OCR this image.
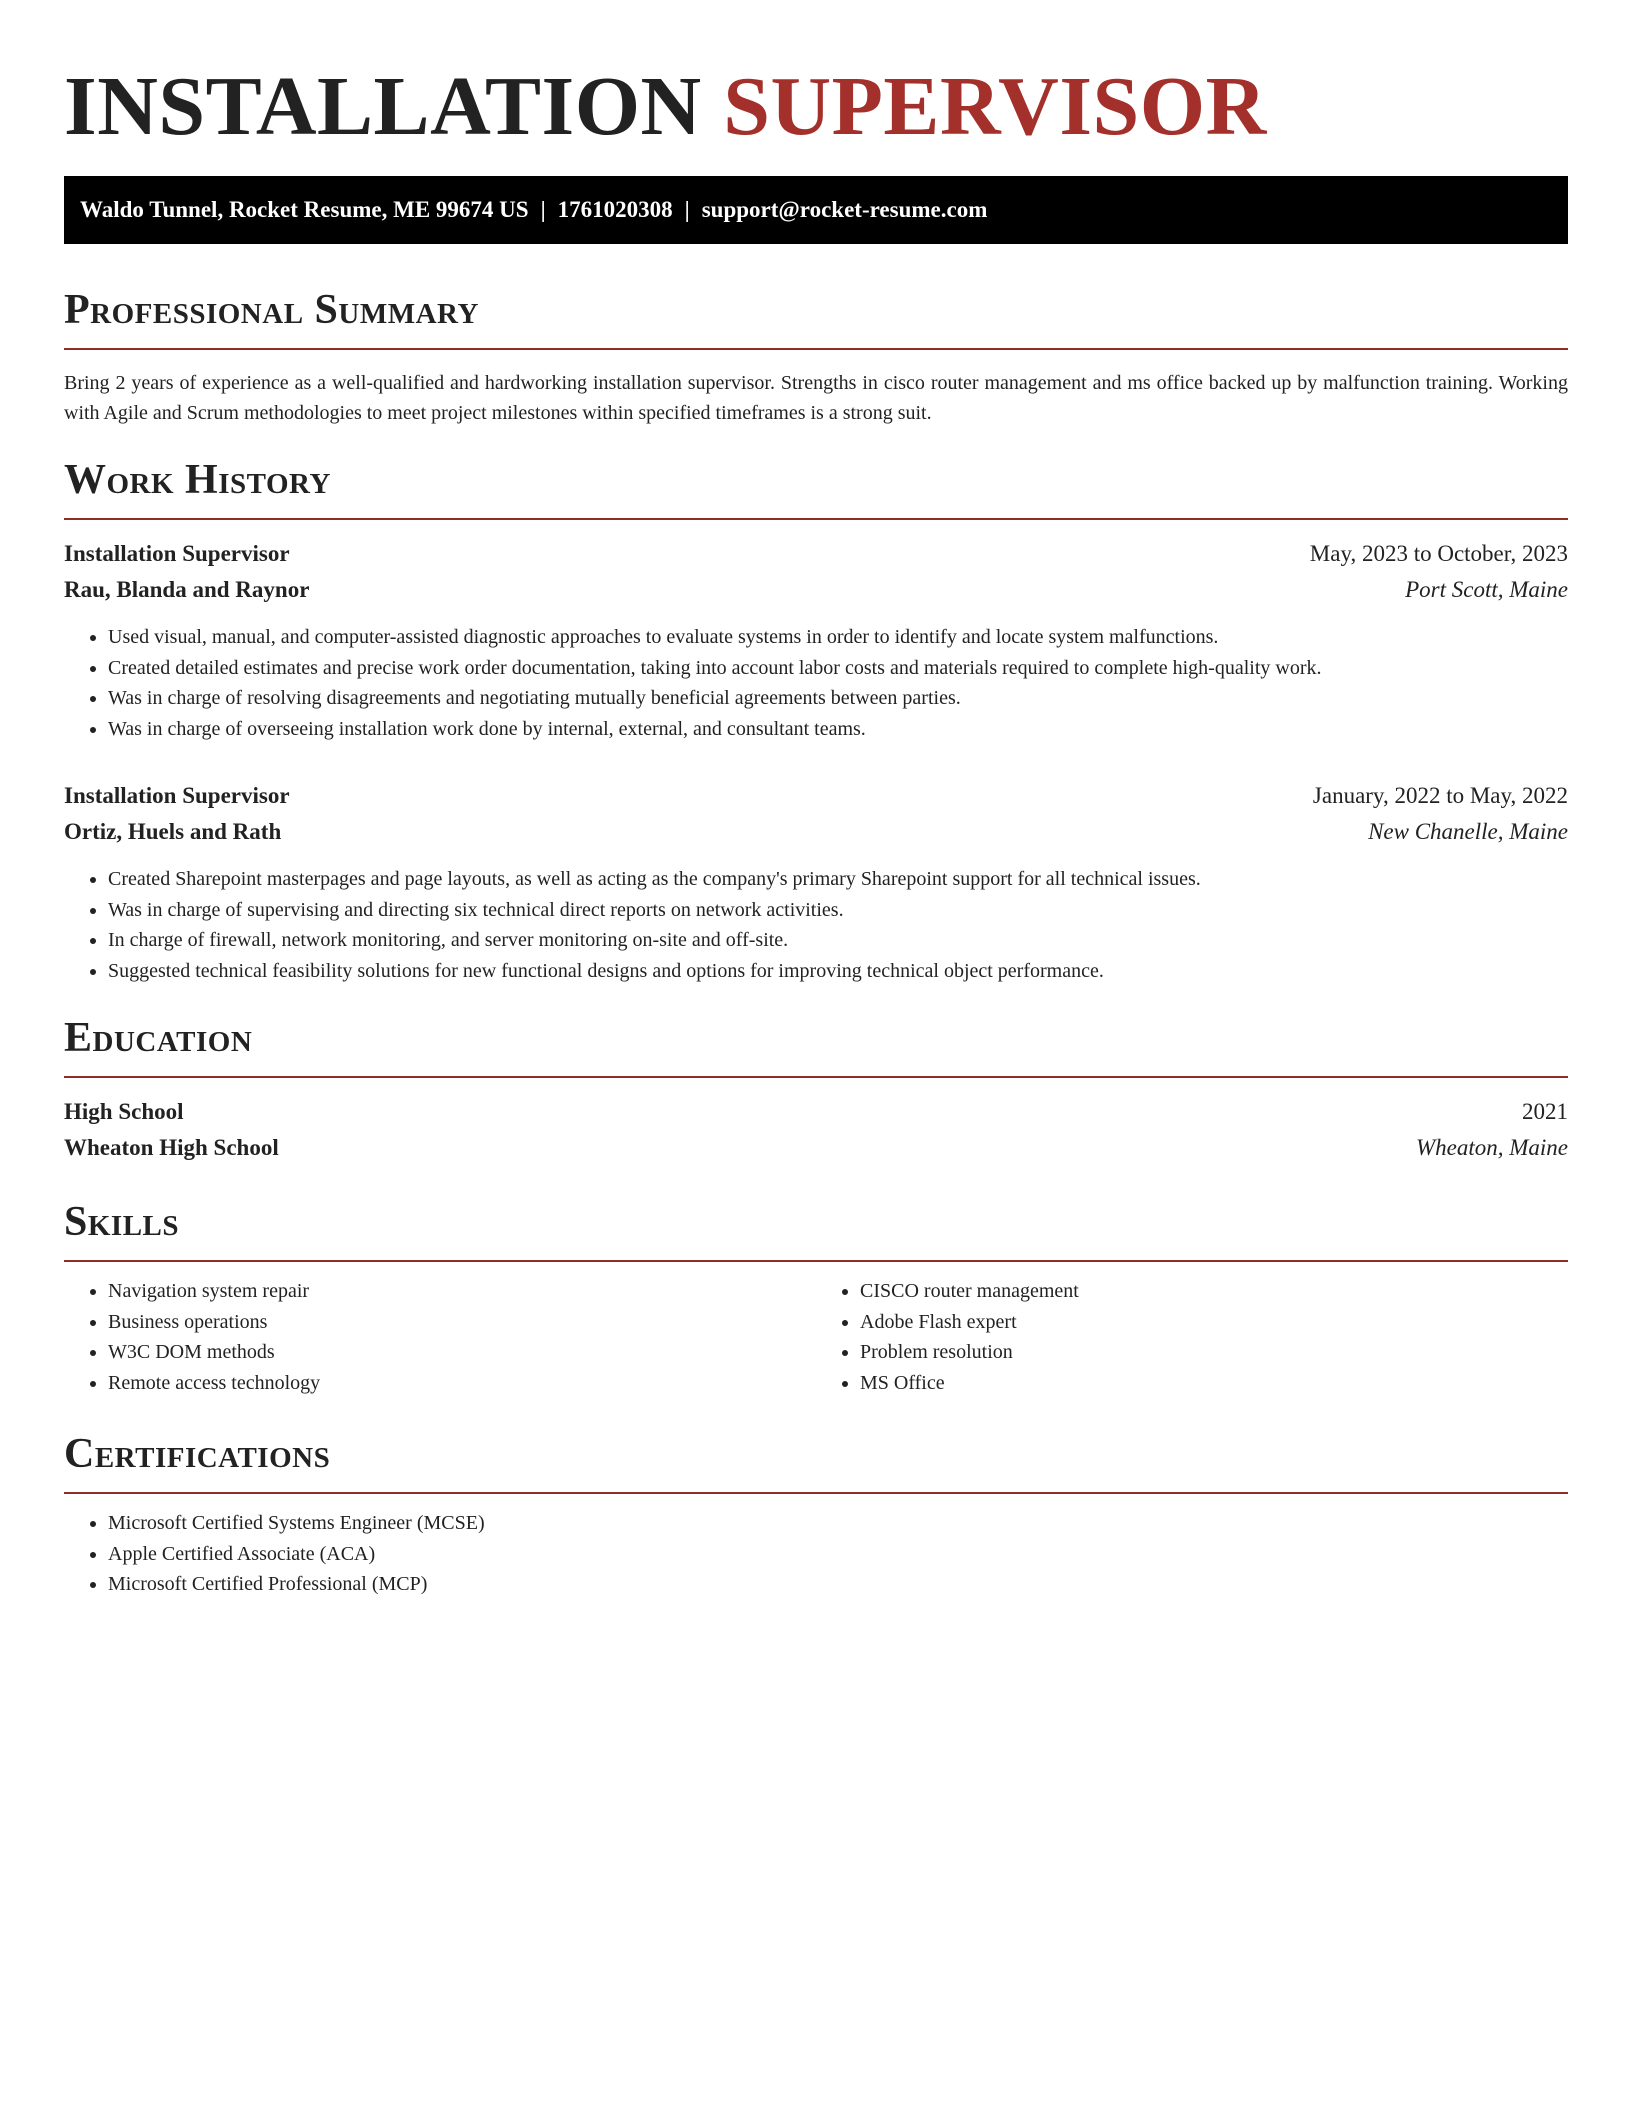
INSTALLATION SUPERVISOR
Waldo Tunnel, Rocket Resume, ME 99674 US | 1761020308 | support@rocket-resume.com
Professional Summary

Bring 2 years of experience as a well-qualified and hardworking installation supervisor. Strengths in cisco router management and ms office backed up by malfunction training. Working with Agile and Scrum methodologies to meet project milestones within specified timeframes is a strong suit.

Work History
Installation Supervisor	May, 2023 to October, 2023
Rau, Blanda and Raynor	Port Scott, Maine
• Used visual, manual, and computer-assisted diagnostic approaches to evaluate systems in order to identify and locate system malfunctions.
• Created detailed estimates and precise work order documentation, taking into account labor costs and materials required to complete high-quality work.
• Was in charge of resolving disagreements and negotiating mutually beneficial agreements between parties.
• Was in charge of overseeing installation work done by internal, external, and consultant teams.
Installation Supervisor	January, 2022 to May, 2022
Ortiz, Huels and Rath	New Chanelle, Maine
• Created Sharepoint masterpages and page layouts, as well as acting as the company's primary Sharepoint support for all technical issues.
• Was in charge of supervising and directing six technical direct reports on network activities.
• In charge of firewall, network monitoring, and server monitoring on-site and off-site.
• Suggested technical feasibility solutions for new functional designs and options for improving technical object performance.
Education
High School	2021
Wheaton High School	Wheaton, Maine
Skills
• Navigation system repair
• Business operations
• W3C DOM methods
• Remote access technology
• CISCO router management
• Adobe Flash expert
• Problem resolution
• MS Office
Certifications
• Microsoft Certified Systems Engineer (MCSE)
• Apple Certified Associate (ACA)
• Microsoft Certified Professional (MCP)
